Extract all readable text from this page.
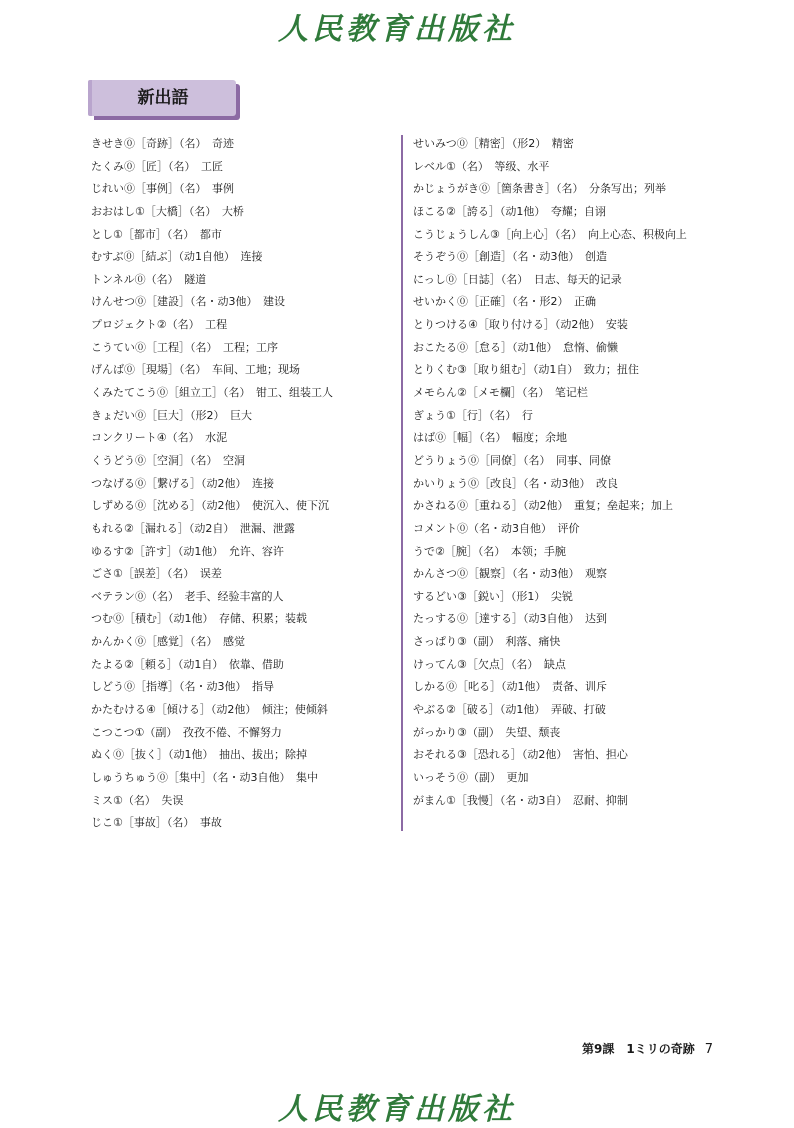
人民教育出版社
新出語
きせき⓪［奇跡］（名）　奇迹
たくみ⓪［匠］（名）　工匠
じれい⓪［事例］（名）　事例
おおはし①［大橋］（名）　大桥
とし①［都市］（名）　都市
むすぶ⓪［結ぶ］（动1自他）　连接
トンネル⓪（名）　隧道
けんせつ⓪［建設］（名・动3他）　建设
プロジェクト②（名）　工程
こうてい⓪［工程］（名）　工程；工序
げんば⓪［現場］（名）　车间、工地；现场
くみたてこう⓪［組立工］（名）　钳工、组装工人
きょだい⓪［巨大］（形2）　巨大
コンクリート④（名）　水泥
くうどう⓪［空洞］（名）　空洞
つなげる⓪［繋げる］（动2他）　连接
しずめる⓪［沈める］（动2他）　使沉入、使下沉
もれる②［漏れる］（动2自）　泄漏、泄露
ゆるす②［許す］（动1他）　允许、容许
ごさ①［誤差］（名）　误差
ベテラン⓪（名）　老手、经验丰富的人
つむ⓪［積む］（动1他）　存储、积累；装载
かんかく⓪［感覚］（名）　感觉
たよる②［頼る］（动1自）　依靠、借助
しどう⓪［指導］（名・动3他）　指导
かたむける④［傾ける］（动2他）　倾注；使倾斜
こつこつ①（副）　孜孜不倦、不懈努力
ぬく⓪［抜く］（动1他）　抽出、拔出；除掉
しゅうちゅう⓪［集中］（名・动3自他）　集中
ミス①（名）　失误
じこ①［事故］（名）　事故
せいみつ⓪［精密］（形2）　精密
レベル①（名）　等级、水平
かじょうがき⓪［箇条書き］（名）　分条写出；列举
ほこる②［誇る］（动1他）　夸耀；自诩
こうじょうしん③［向上心］（名）　向上心态、积极向上
そうぞう⓪［創造］（名・动3他）　创造
にっし⓪［日誌］（名）　日志、每天的记录
せいかく⓪［正確］（名・形2）　正确
とりつける④［取り付ける］（动2他）　安装
おこたる⓪［怠る］（动1他）　怠惰、偷懒
とりくむ③［取り組む］（动1自）　致力；扭住
メモらん②［メモ欄］（名）　笔记栏
ぎょう①［行］（名）　行
はば⓪［幅］（名）　幅度；余地
どうりょう⓪［同僚］（名）　同事、同僚
かいりょう⓪［改良］（名・动3他）　改良
かさねる⓪［重ねる］（动2他）　重复；垒起来；加上
コメント⓪（名・动3自他）　评价
うで②［腕］（名）　本领；手腕
かんさつ⓪［観察］（名・动3他）　观察
するどい③［鋭い］（形1）　尖锐
たっする⓪［達する］（动3自他）　达到
さっぱり③（副）　利落、痛快
けってん③［欠点］（名）　缺点
しかる⓪［叱る］（动1他）　责备、训斥
やぶる②［破る］（动1他）　弄破、打破
がっかり③（副）　失望、颓丧
おそれる③［恐れる］（动2他）　害怕、担心
いっそう⓪（副）　更加
がまん①［我慢］（名・动3自）　忍耐、抑制
第9課　1ミリの奇跡 7
人民教育出版社
